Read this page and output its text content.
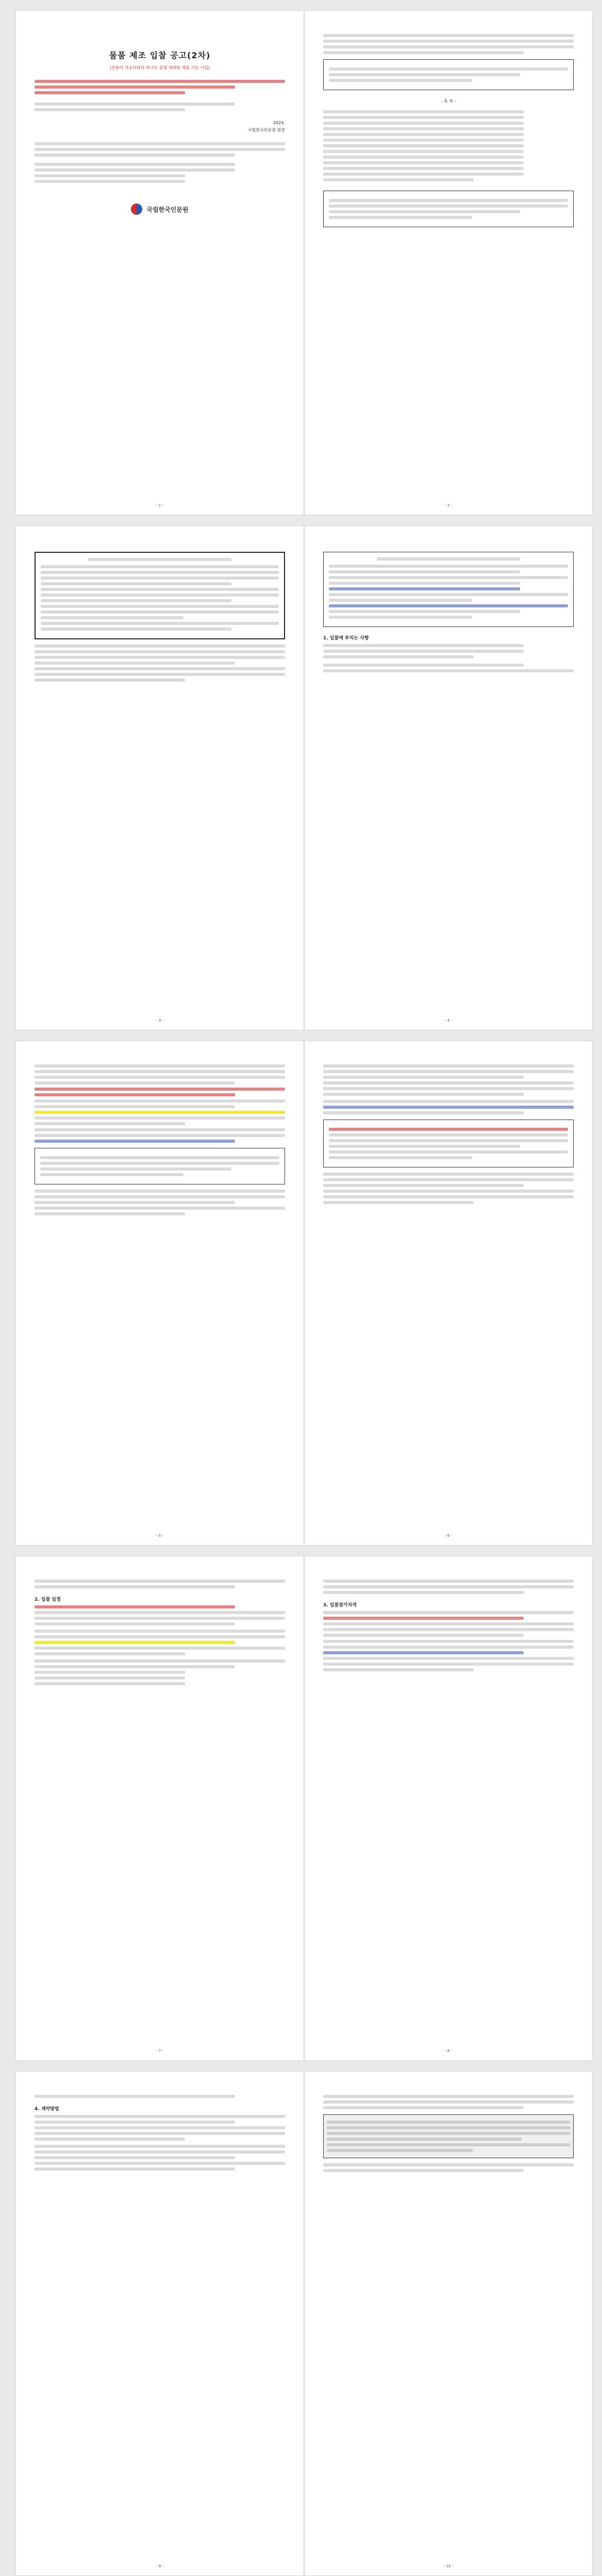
물품 제조 입찰 공고(2차)
(전용어 카운터파티 하나로 증빙 제외된 제출 가능 사업)
2024.
국립한국인문원 원장
국립한국인문원
- 1 -
- 목 차 -
- 2 -
- 3 -
1. 입찰에 부치는 사항
- 4 -
- 5 -	- 6 -
2. 입찰 일정
- 7 -
3. 입찰참가자격
- 8 -
4. 계약방법
- 9 -	- 10 -
